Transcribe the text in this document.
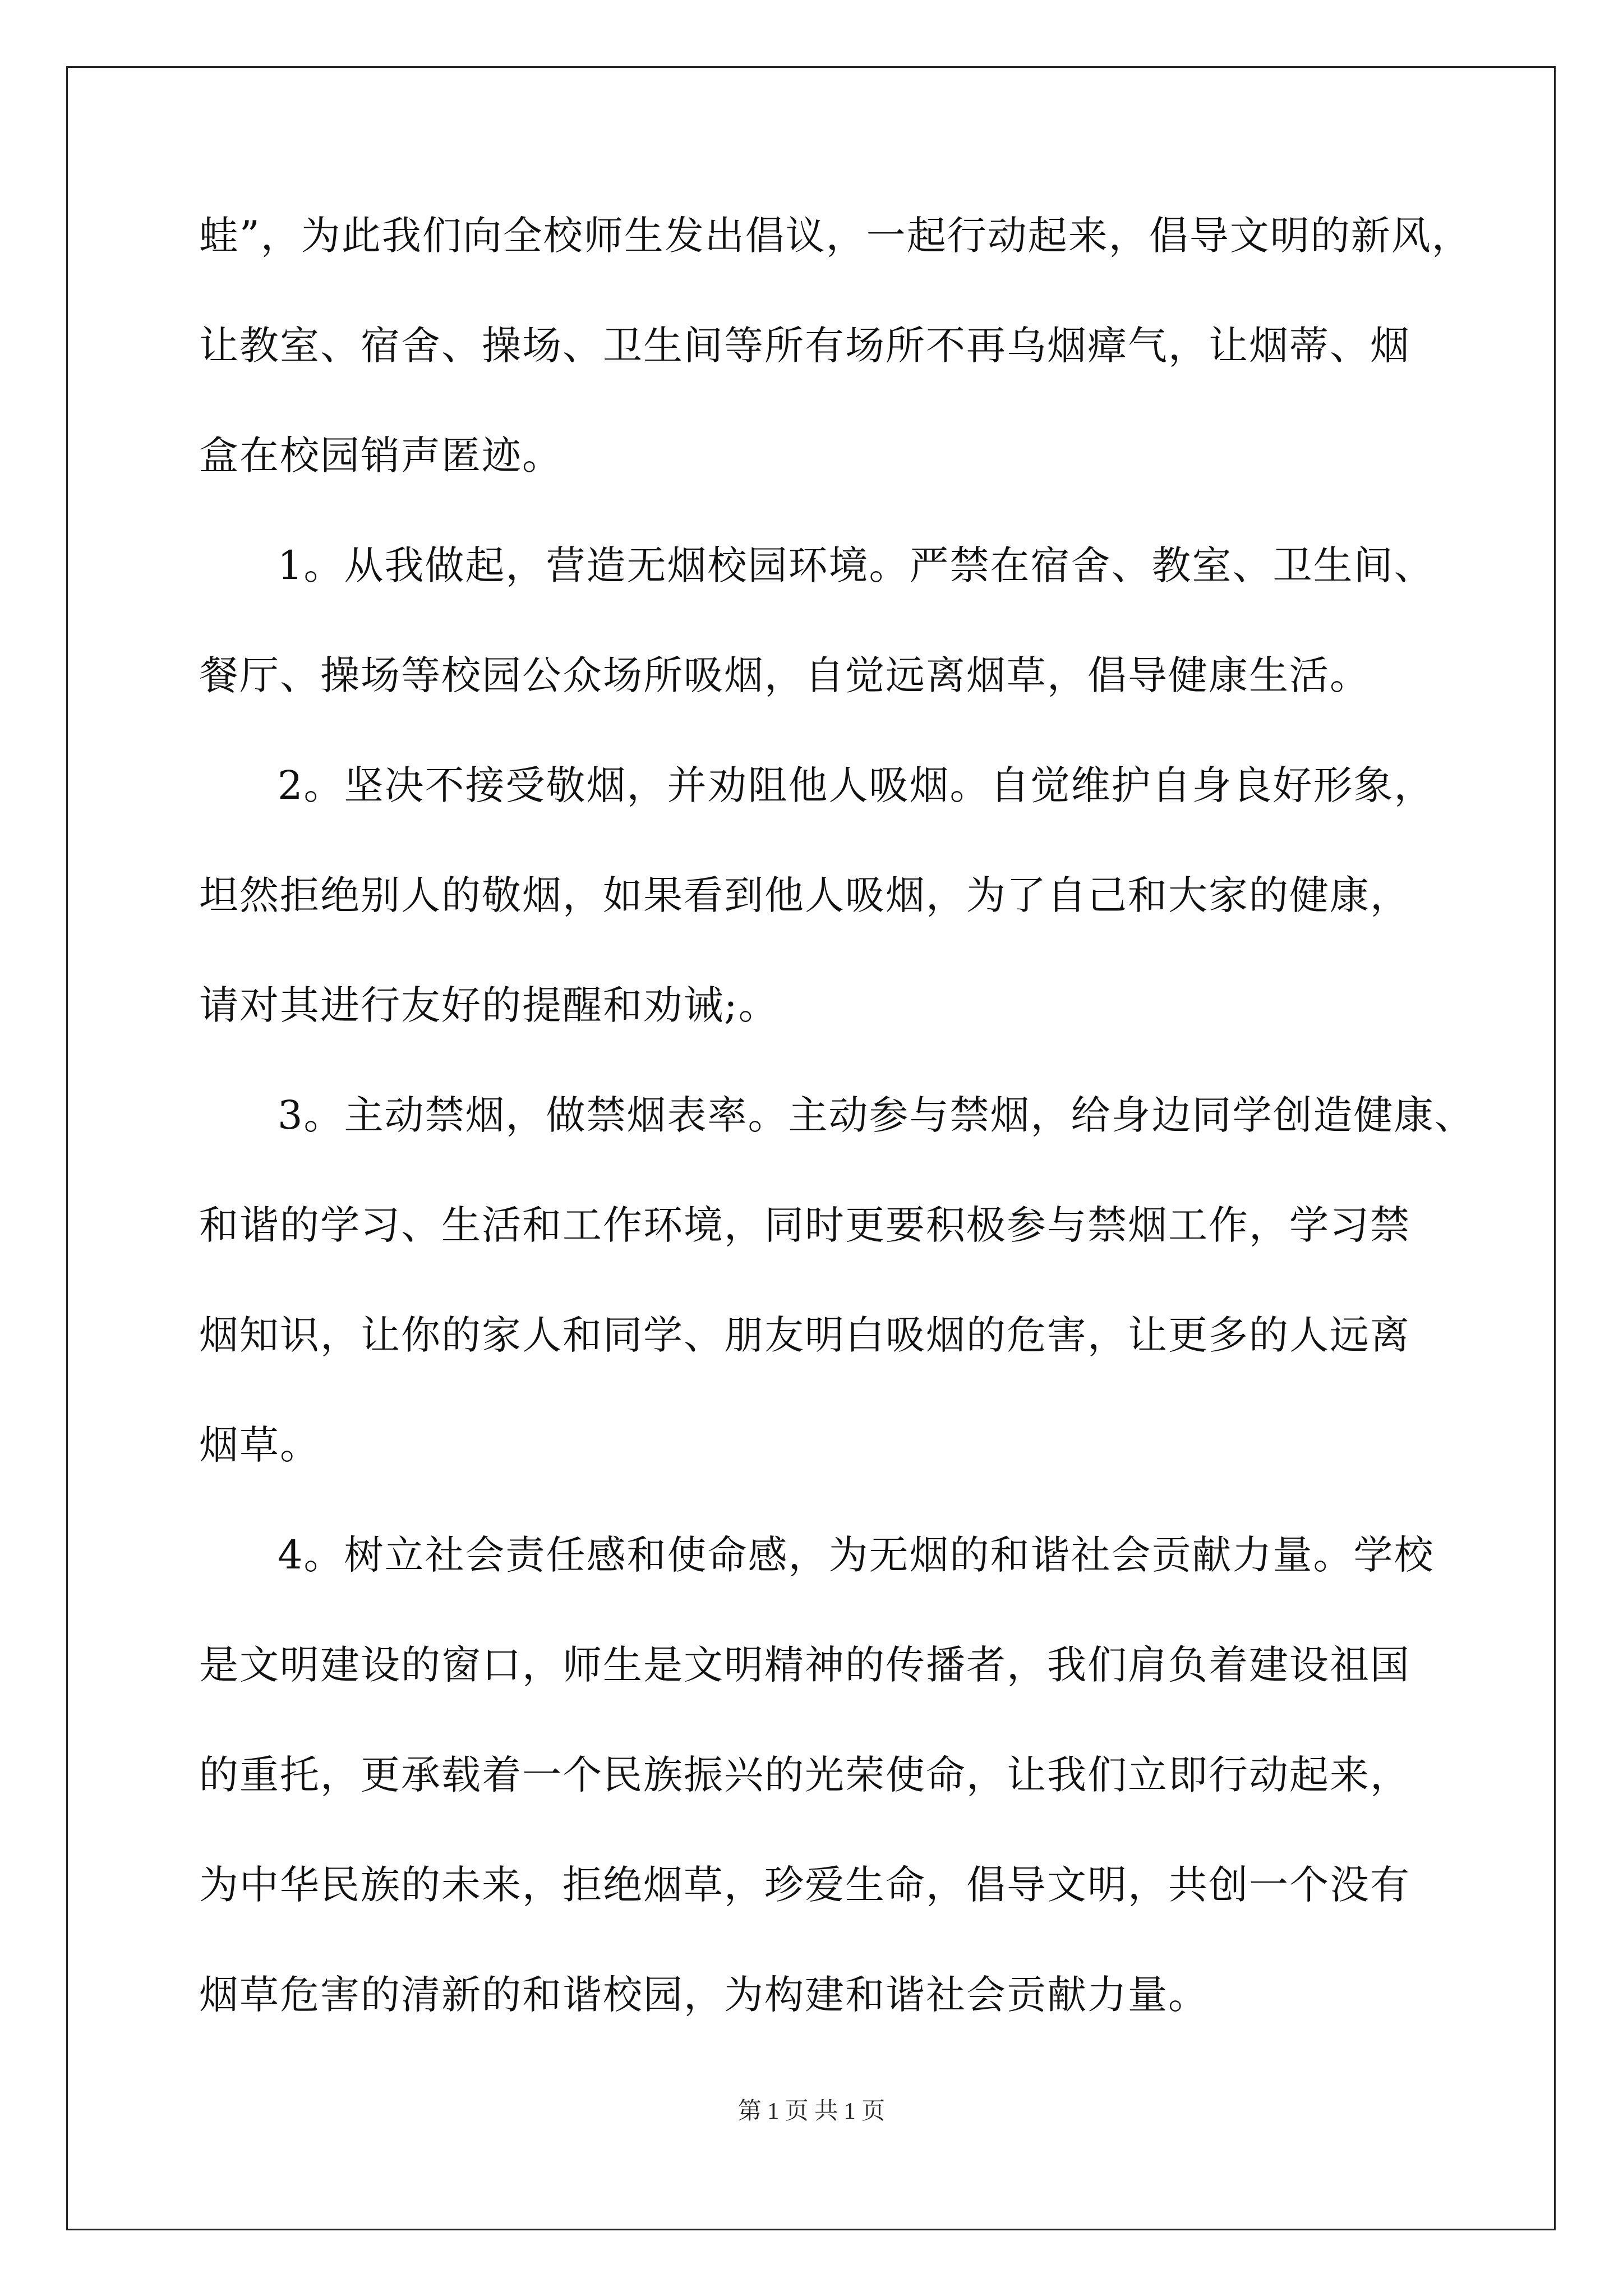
蛙”，为此我们向全校师生发出倡议，一起行动起来，倡导文明的新风，
让教室、宿舍、操场、卫生间等所有场所不再乌烟瘴气，让烟蒂、烟
盒在校园销声匿迹。
1。从我做起，营造无烟校园环境。严禁在宿舍、教室、卫生间、
餐厅、操场等校园公众场所吸烟，自觉远离烟草，倡导健康生活。
2。坚决不接受敬烟，并劝阻他人吸烟。自觉维护自身良好形象，
坦然拒绝别人的敬烟，如果看到他人吸烟，为了自己和大家的健康，
请对其进行友好的提醒和劝诫;。
3。主动禁烟，做禁烟表率。主动参与禁烟，给身边同学创造健康、
和谐的学习、生活和工作环境，同时更要积极参与禁烟工作，学习禁
烟知识，让你的家人和同学、朋友明白吸烟的危害，让更多的人远离
烟草。
4。树立社会责任感和使命感，为无烟的和谐社会贡献力量。学校
是文明建设的窗口，师生是文明精神的传播者，我们肩负着建设祖国
的重托，更承载着一个民族振兴的光荣使命，让我们立即行动起来，
为中华民族的未来，拒绝烟草，珍爱生命，倡导文明，共创一个没有
烟草危害的清新的和谐校园，为构建和谐社会贡献力量。
第 1 页 共 1 页
